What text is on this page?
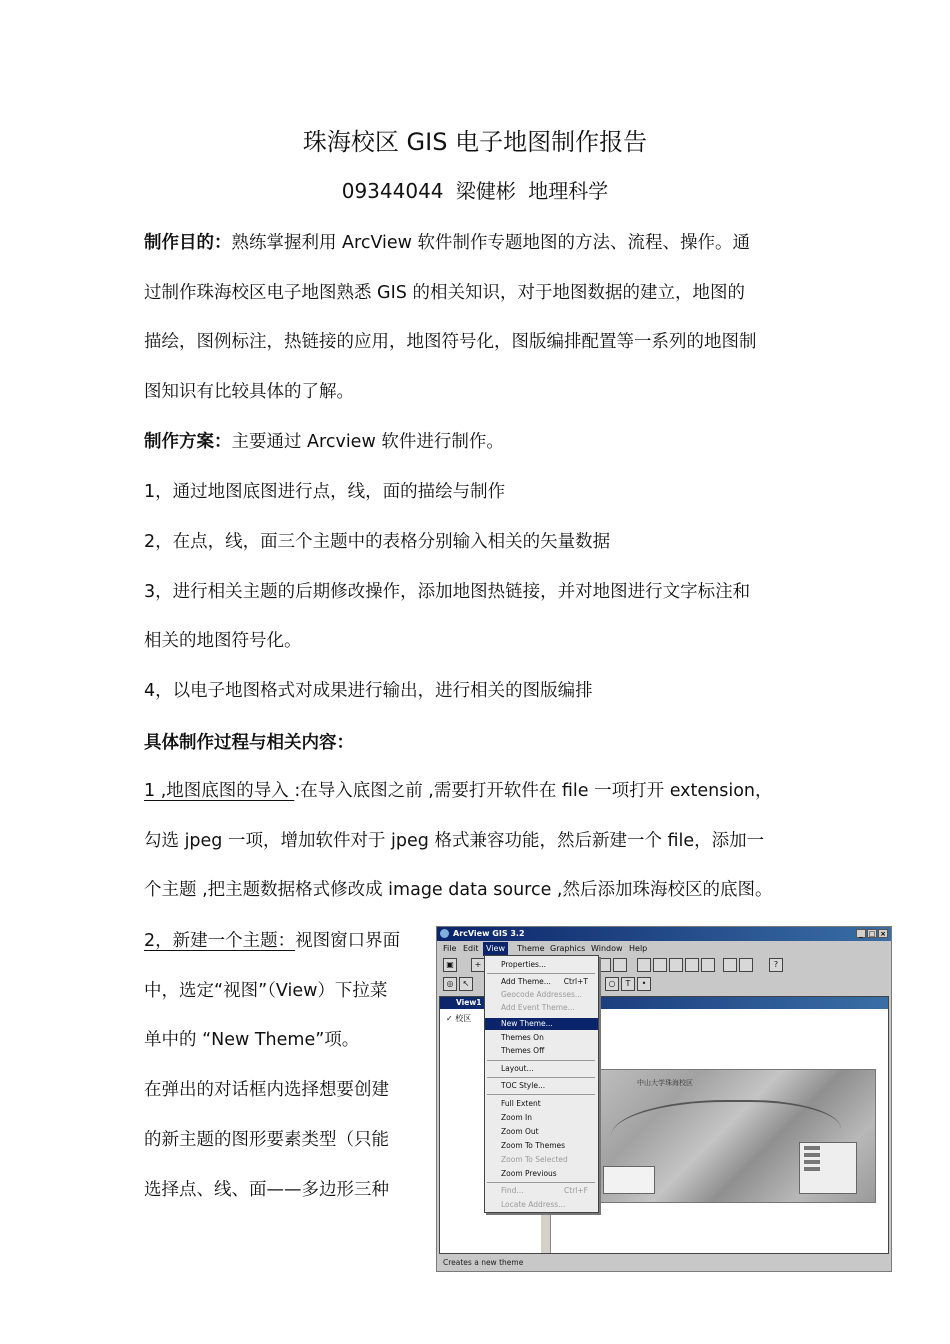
珠海校区 GIS 电子地图制作报告
09344044 梁健彬 地理科学
制作目的：熟练掌握利用 ArcView 软件制作专题地图的方法、流程、操作。通
过制作珠海校区电子地图熟悉 GIS 的相关知识，对于地图数据的建立，地图的
描绘，图例标注，热链接的应用，地图符号化，图版编排配置等一系列的地图制
图知识有比较具体的了解。
制作方案：主要通过 Arcview 软件进行制作。
1，通过地图底图进行点，线，面的描绘与制作
2，在点，线，面三个主题中的表格分别输入相关的矢量数据
3，进行相关主题的后期修改操作，添加地图热链接，并对地图进行文字标注和
相关的地图符号化。
4，以电子地图格式对成果进行输出，进行相关的图版编排
具体制作过程与相关内容：
1 ,地图底图的导入 :在导入底图之前 ,需要打开软件在 file 一项打开 extension，
勾选 jpeg 一项，增加软件对于 jpeg 格式兼容功能，然后新建一个 file，添加一
个主题 ,把主题数据格式修改成 image data source ,然后添加珠海校区的底图。
2，新建一个主题：视图窗口界面
中，选定“视图”（View）下拉菜
单中的 “New Theme”项。
在弹出的对话框内选择想要创建
的新主题的图形要素类型（只能
选择点、线、面——多边形三种
ArcView GIS 3.2	_ □ ×
File Edit View	Theme Graphics Window Help
▣	+	?
◎	↖	○	T	•
View1
✓ 校区
中山大学珠海校区
Creates a new theme
Properties...
Add Theme... Ctrl+T
Geocode Addresses...
Add Event Theme...
New Theme...
Themes On
Themes Off
Layout...
TOC Style...
Full Extent
Zoom In
Zoom Out
Zoom To Themes
Zoom To Selected
Zoom Previous
Find...	Ctrl+F
Locate Address...
